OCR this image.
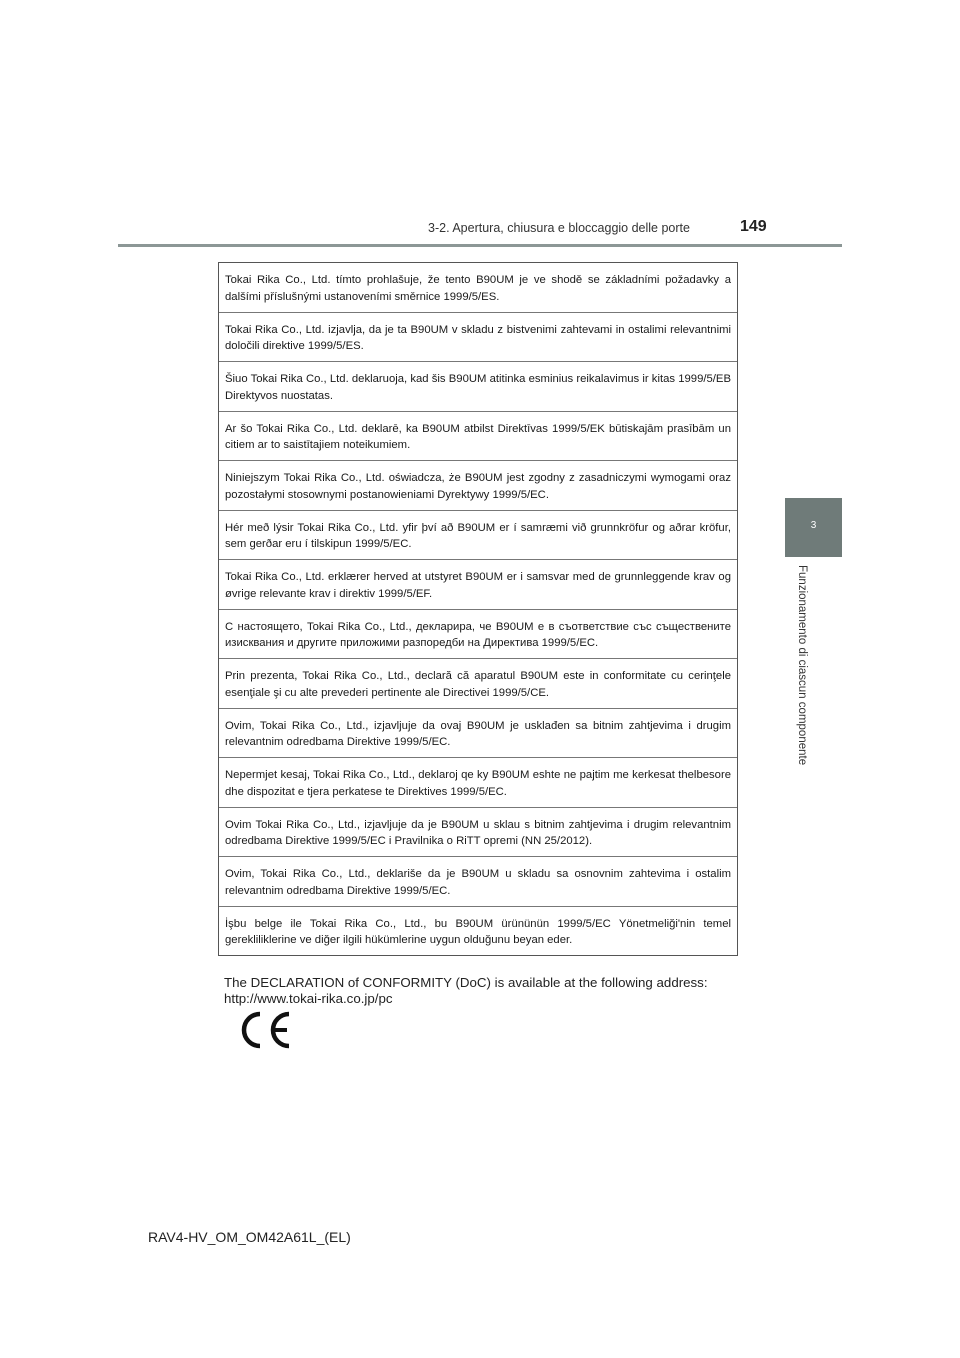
3-2. Apertura, chiusura e bloccaggio delle porte	149
3
Funzionamento di ciascun componente
Tokai Rika Co., Ltd. tímto prohlašuje, že tento B90UM je ve shodě se základními požadavky a dalšími příslušnými ustanoveními směrnice 1999/5/ES.
Tokai Rika Co., Ltd. izjavlja, da je ta B90UM v skladu z bistvenimi zahtevami in ostalimi relevantnimi določili direktive 1999/5/ES.
Šiuo Tokai Rika Co., Ltd. deklaruoja, kad šis B90UM atitinka esminius reikalavimus ir kitas 1999/5/EB Direktyvos nuostatas.
Ar šo Tokai Rika Co., Ltd. deklarē, ka B90UM atbilst Direktīvas 1999/5/EK būtiskajām prasībām un citiem ar to saistītajiem noteikumiem.
Niniejszym Tokai Rika Co., Ltd. oświadcza, że B90UM jest zgodny z zasadniczymi wymogami oraz pozostałymi stosownymi postanowieniami Dyrektywy 1999/5/EC.
Hér með lýsir Tokai Rika Co., Ltd. yfir því að B90UM er í samræmi við grunnkröfur og aðrar kröfur, sem gerðar eru í tilskipun 1999/5/EC.
Tokai Rika Co., Ltd. erklærer herved at utstyret B90UM er i samsvar med de grunnleggende krav og øvrige relevante krav i direktiv 1999/5/EF.
С настоящето, Tokai Rika Co., Ltd., декларира, че B90UM е в съответствие със съществените изисквания и другите приложими разпоредби на Директива 1999/5/ЕС.
Prin prezenta, Tokai Rika Co., Ltd., declară că aparatul B90UM este in conformitate cu cerinţele esenţiale şi cu alte prevederi pertinente ale Directivei 1999/5/CE.
Ovim, Tokai Rika Co., Ltd., izjavljuje da ovaj B90UM je usklađen sa bitnim zahtjevima i drugim relevantnim odredbama Direktive 1999/5/EC.
Nepermjet kesaj, Tokai Rika Co., Ltd., deklaroj qe ky B90UM eshte ne pajtim me kerkesat thelbesore dhe dispozitat e tjera perkatese te Direktives 1999/5/EC.
Ovim Tokai Rika Co., Ltd., izjavljuje da je B90UM u sklau s bitnim zahtjevima i drugim relevantnim odredbama Direktive 1999/5/EC i Pravilnika o RiTT opremi (NN 25/2012).
Ovim, Tokai Rika Co., Ltd., deklariše da je B90UM u skladu sa osnovnim zahtevima i ostalim relevantnim odredbama Direktive 1999/5/EC.
İşbu belge ile Tokai Rika Co., Ltd., bu B90UM ürününün 1999/5/EC Yönetmeliği'nin temel gerekliliklerine ve diğer ilgili hükümlerine uygun olduğunu beyan eder.
The DECLARATION of CONFORMITY (DoC) is available at the following address:
http://www.tokai-rika.co.jp/pc
RAV4-HV_OM_OM42A61L_(EL)
